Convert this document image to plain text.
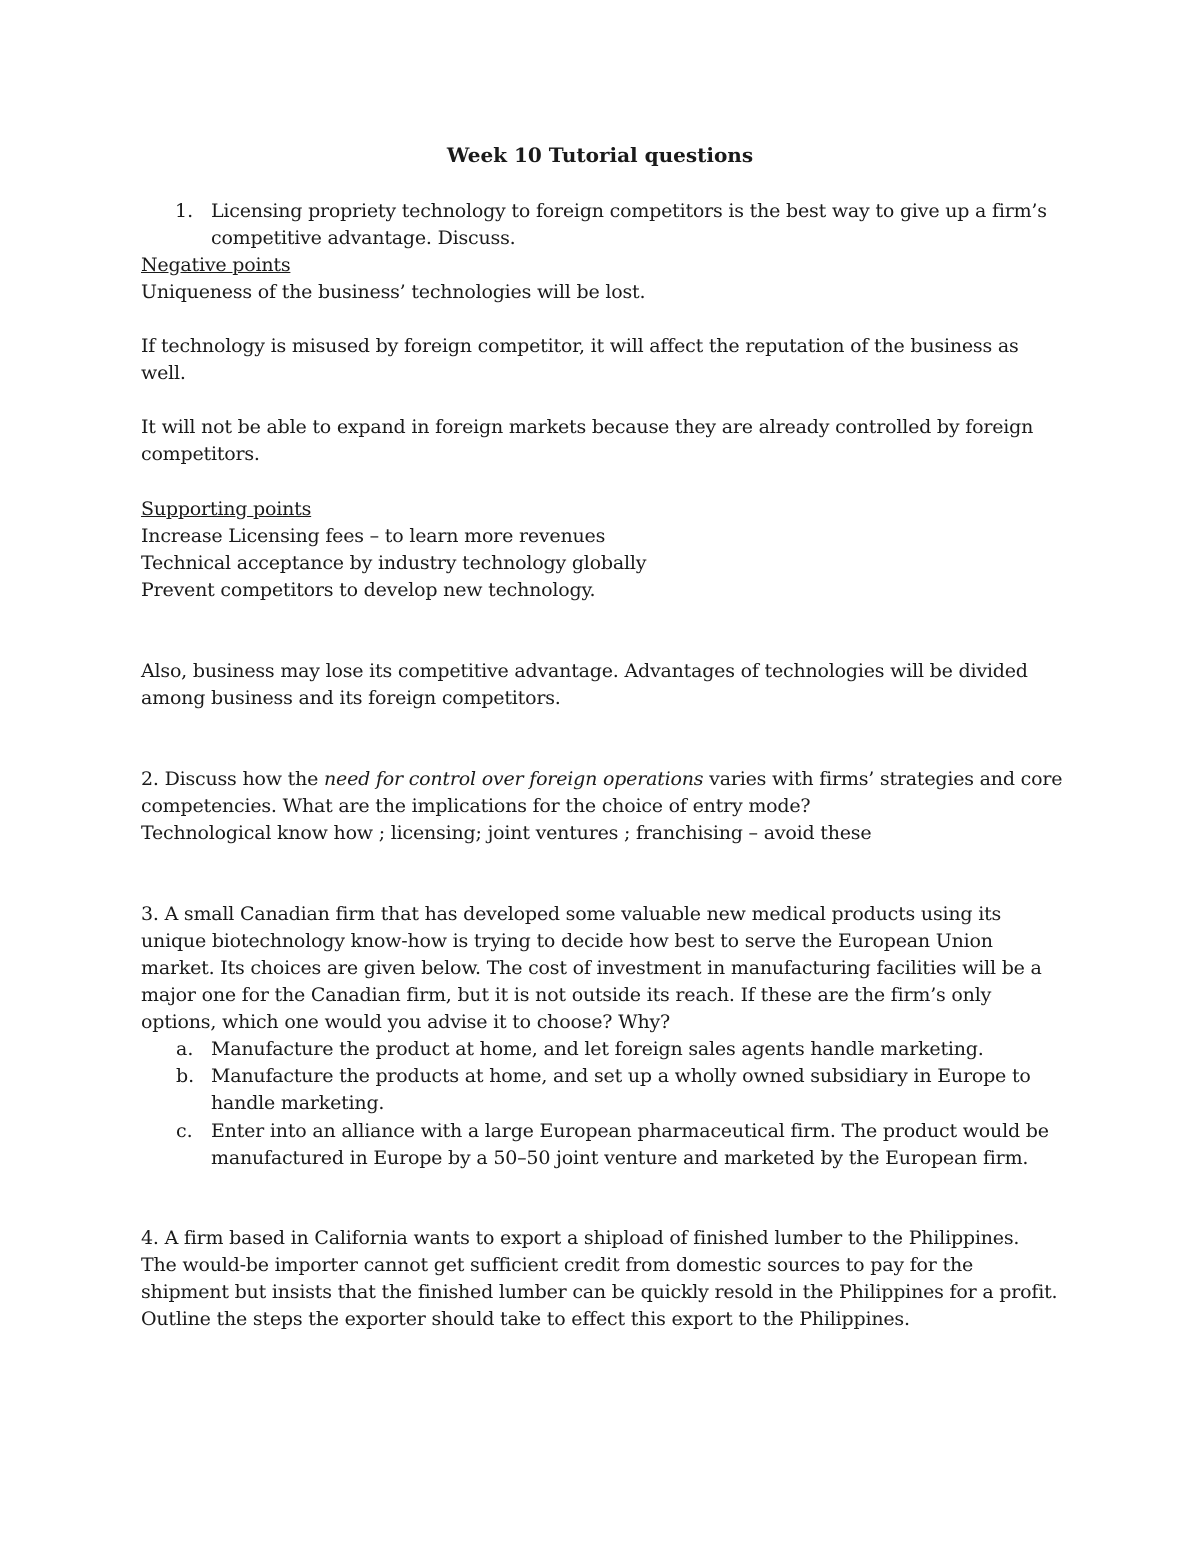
Week 10 Tutorial questions
1. Licensing propriety technology to foreign competitors is the best way to give up a firm’s
competitive advantage. Discuss.
Negative points
Uniqueness of the business’ technologies will be lost.
If technology is misused by foreign competitor, it will affect the reputation of the business as
well.
It will not be able to expand in foreign markets because they are already controlled by foreign
competitors.
Supporting points
Increase Licensing fees – to learn more revenues
Technical acceptance by industry technology globally
Prevent competitors to develop new technology.
Also, business may lose its competitive advantage. Advantages of technologies will be divided
among business and its foreign competitors.
2. Discuss how the need for control over foreign operations varies with firms’ strategies and core
competencies. What are the implications for the choice of entry mode?
Technological know how ; licensing; joint ventures ; franchising – avoid these
3. A small Canadian firm that has developed some valuable new medical products using its
unique biotechnology know-how is trying to decide how best to serve the European Union
market. Its choices are given below. The cost of investment in manufacturing facilities will be a
major one for the Canadian firm, but it is not outside its reach. If these are the firm’s only
options, which one would you advise it to choose? Why?
a. Manufacture the product at home, and let foreign sales agents handle marketing.
b. Manufacture the products at home, and set up a wholly owned subsidiary in Europe to
handle marketing.
c. Enter into an alliance with a large European pharmaceutical firm. The product would be
manufactured in Europe by a 50–50 joint venture and marketed by the European firm.
4. A firm based in California wants to export a shipload of finished lumber to the Philippines.
The would-be importer cannot get sufficient credit from domestic sources to pay for the
shipment but insists that the finished lumber can be quickly resold in the Philippines for a profit.
Outline the steps the exporter should take to effect this export to the Philippines.
